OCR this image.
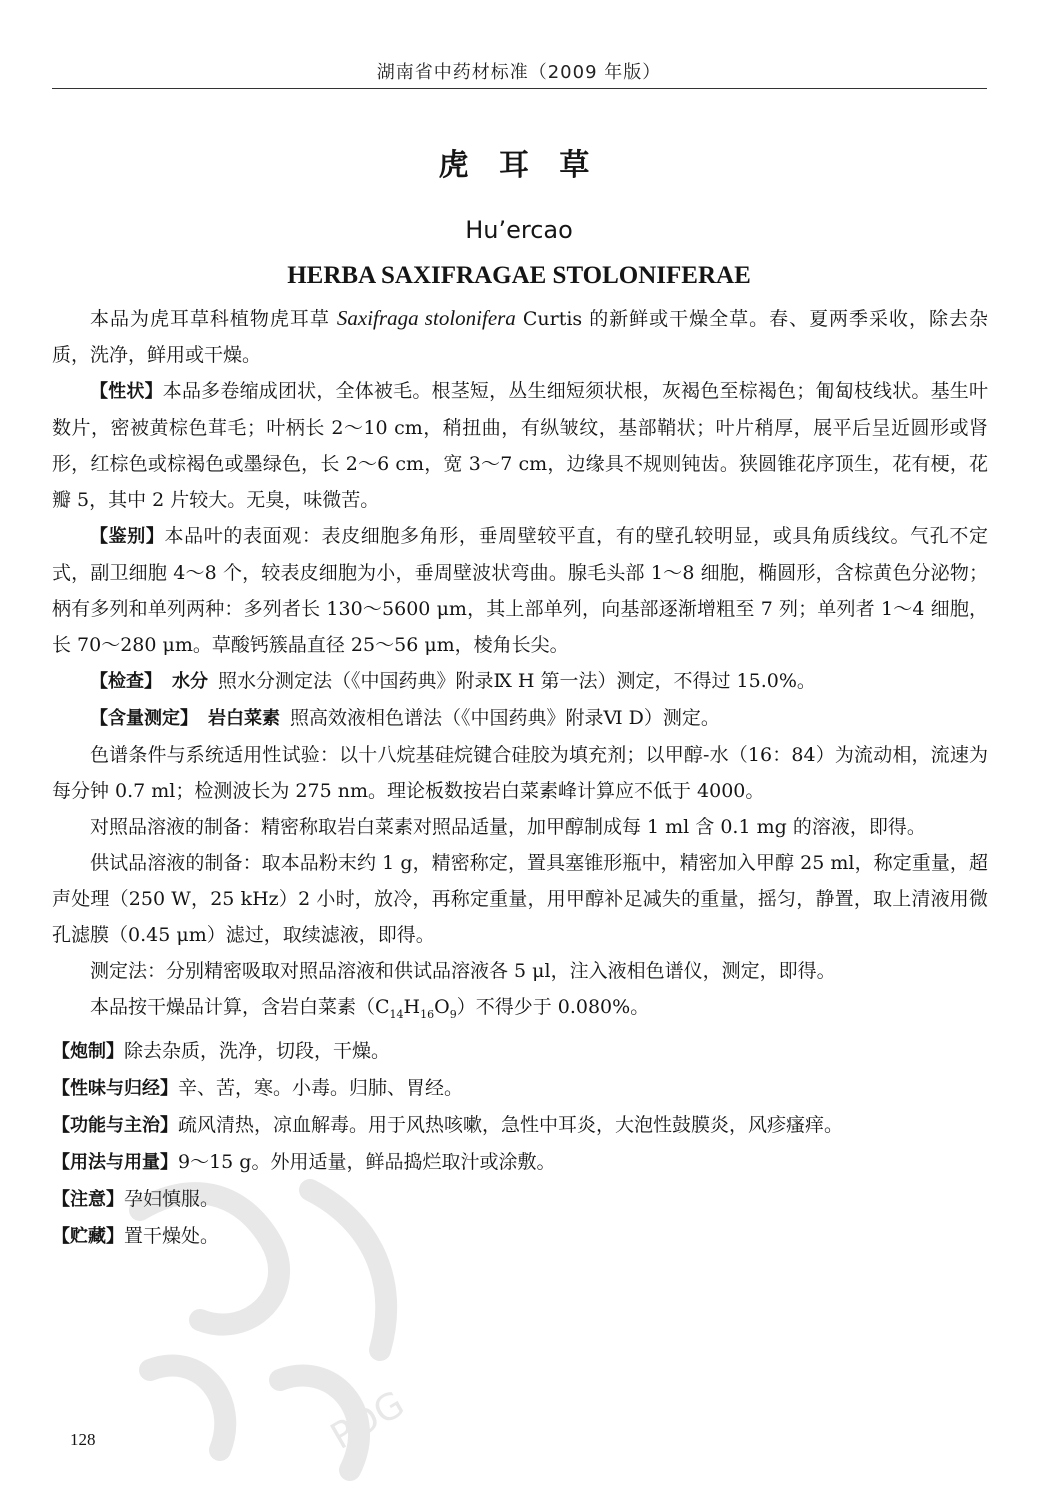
湖南省中药材标准（2009 年版）
虎 耳 草
Hu’ercao
HERBA SAXIFRAGAE STOLONIFERAE

本品为虎耳草科植物虎耳草 Saxifraga stolonifera Curtis 的新鲜或干燥全草。春、夏两季采收，除去杂质，洗净，鲜用或干燥。

【性状】本品多卷缩成团状，全体被毛。根茎短，丛生细短须状根，灰褐色至棕褐色；匍匐枝线状。基生叶数片，密被黄棕色茸毛；叶柄长 2～10 cm，稍扭曲，有纵皱纹，基部鞘状；叶片稍厚，展平后呈近圆形或肾形，红棕色或棕褐色或墨绿色，长 2～6 cm，宽 3～7 cm，边缘具不规则钝齿。狭圆锥花序顶生，花有梗，花瓣 5，其中 2 片较大。无臭，味微苦。

【鉴别】本品叶的表面观：表皮细胞多角形，垂周壁较平直，有的壁孔较明显，或具角质线纹。气孔不定式，副卫细胞 4～8 个，较表皮细胞为小，垂周壁波状弯曲。腺毛头部 1～8 细胞，椭圆形，含棕黄色分泌物；柄有多列和单列两种：多列者长 130～5600 μm，其上部单列，向基部逐渐增粗至 7 列；单列者 1～4 细胞，长 70～280 μm。草酸钙簇晶直径 25～56 μm，棱角长尖。

【检查】 水分 照水分测定法（《中国药典》附录Ⅸ H 第一法）测定，不得过 15.0%。

【含量测定】 岩白菜素 照高效液相色谱法（《中国药典》附录Ⅵ D）测定。

色谱条件与系统适用性试验：以十八烷基硅烷键合硅胶为填充剂；以甲醇-水（16：84）为流动相，流速为每分钟 0.7 ml；检测波长为 275 nm。理论板数按岩白菜素峰计算应不低于 4000。

对照品溶液的制备：精密称取岩白菜素对照品适量，加甲醇制成每 1 ml 含 0.1 mg 的溶液，即得。

供试品溶液的制备：取本品粉末约 1 g，精密称定，置具塞锥形瓶中，精密加入甲醇 25 ml，称定重量，超声处理（250 W，25 kHz）2 小时，放冷，再称定重量，用甲醇补足减失的重量，摇匀，静置，取上清液用微孔滤膜（0.45 μm）滤过，取续滤液，即得。

测定法：分别精密吸取对照品溶液和供试品溶液各 5 μl，注入液相色谱仪，测定，即得。

本品按干燥品计算，含岩白菜素$(C_{14}H_{16}O_9)$不得少于 0.080%。

【炮制】除去杂质，洗净，切段，干燥。

【性味与归经】辛、苦，寒。小毒。归肺、胃经。

【功能与主治】疏风清热，凉血解毒。用于风热咳嗽，急性中耳炎，大泡性鼓膜炎，风疹瘙痒。

【用法与用量】9～15 g。外用适量，鲜品捣烂取汁或涂敷。

【注意】孕妇慎服。

【贮藏】置干燥处。

PDG
128
